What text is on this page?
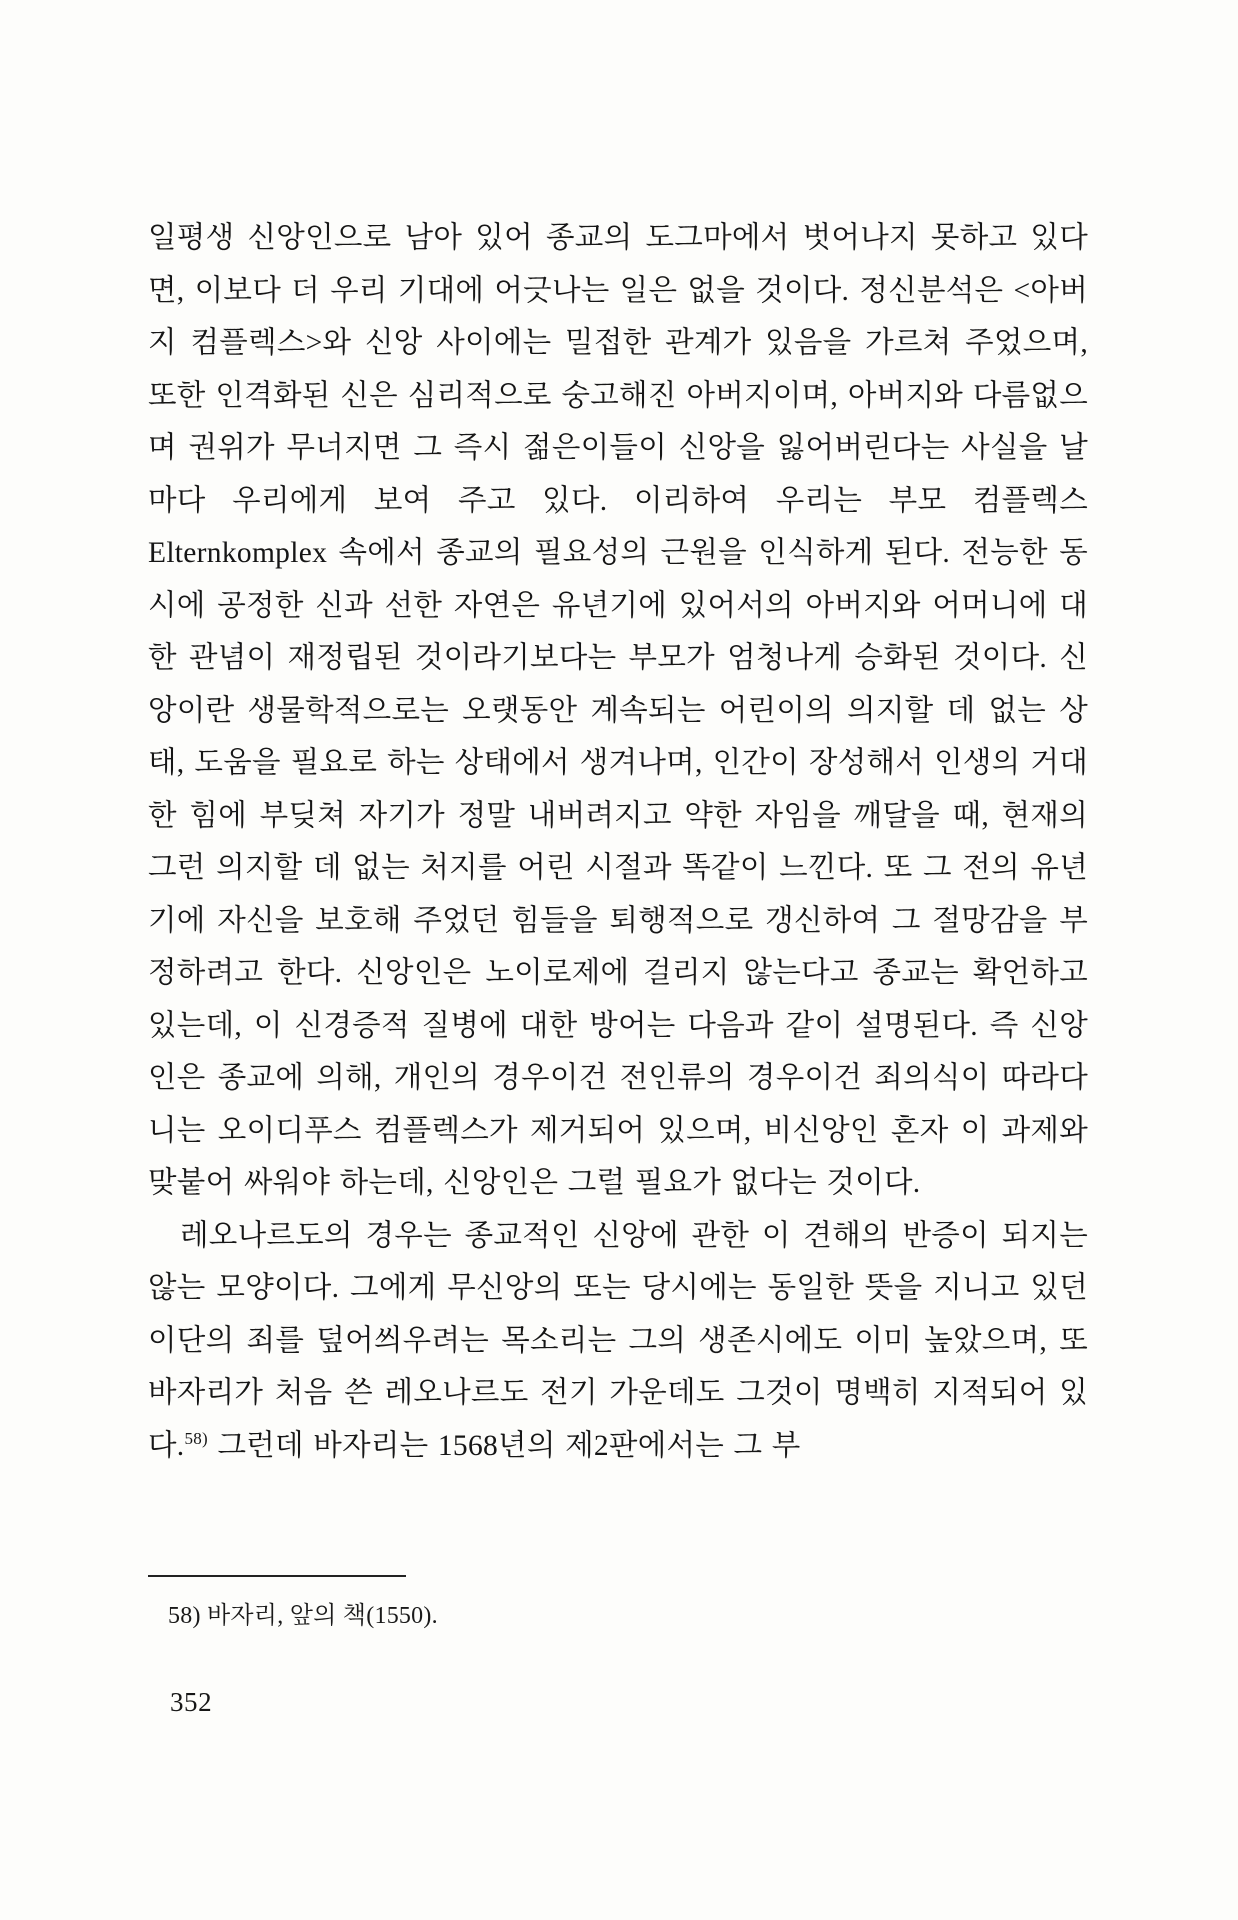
일평생 신앙인으로 남아 있어 종교의 도그마에서 벗어나지 못하고 있다면, 이보다 더 우리 기대에 어긋나는 일은 없을 것이다. 정신분석은 <아버지 컴플렉스>와 신앙 사이에는 밀접한 관계가 있음을 가르쳐 주었으며, 또한 인격화된 신은 심리적으로 숭고해진 아버지이며, 아버지와 다름없으며 권위가 무너지면 그 즉시 젊은이들이 신앙을 잃어버린다는 사실을 날마다 우리에게 보여 주고 있다. 이리하여 우리는 부모 컴플렉스 Elternkomplex 속에서 종교의 필요성의 근원을 인식하게 된다. 전능한 동시에 공정한 신과 선한 자연은 유년기에 있어서의 아버지와 어머니에 대한 관념이 재정립된 것이라기보다는 부모가 엄청나게 승화된 것이다. 신앙이란 생물학적으로는 오랫동안 계속되는 어린이의 의지할 데 없는 상태, 도움을 필요로 하는 상태에서 생겨나며, 인간이 장성해서 인생의 거대한 힘에 부딪쳐 자기가 정말 내버려지고 약한 자임을 깨달을 때, 현재의 그런 의지할 데 없는 처지를 어린 시절과 똑같이 느낀다. 또 그 전의 유년기에 자신을 보호해 주었던 힘들을 퇴행적으로 갱신하여 그 절망감을 부정하려고 한다. 신앙인은 노이로제에 걸리지 않는다고 종교는 확언하고 있는데, 이 신경증적 질병에 대한 방어는 다음과 같이 설명된다. 즉 신앙인은 종교에 의해, 개인의 경우이건 전인류의 경우이건 죄의식이 따라다니는 오이디푸스 컴플렉스가 제거되어 있으며, 비신앙인 혼자 이 과제와 맞붙어 싸워야 하는데, 신앙인은 그럴 필요가 없다는 것이다.

레오나르도의 경우는 종교적인 신앙에 관한 이 견해의 반증이 되지는 않는 모양이다. 그에게 무신앙의 또는 당시에는 동일한 뜻을 지니고 있던 이단의 죄를 덮어씌우려는 목소리는 그의 생존시에도 이미 높았으며, 또 바자리가 처음 쓴 레오나르도 전기 가운데도 그것이 명백히 지적되어 있다.$^{58)}$ 그런데 바자리는 1568년의 제2판에서는 그 부

58) 바자리, 앞의 책(1550).
352
